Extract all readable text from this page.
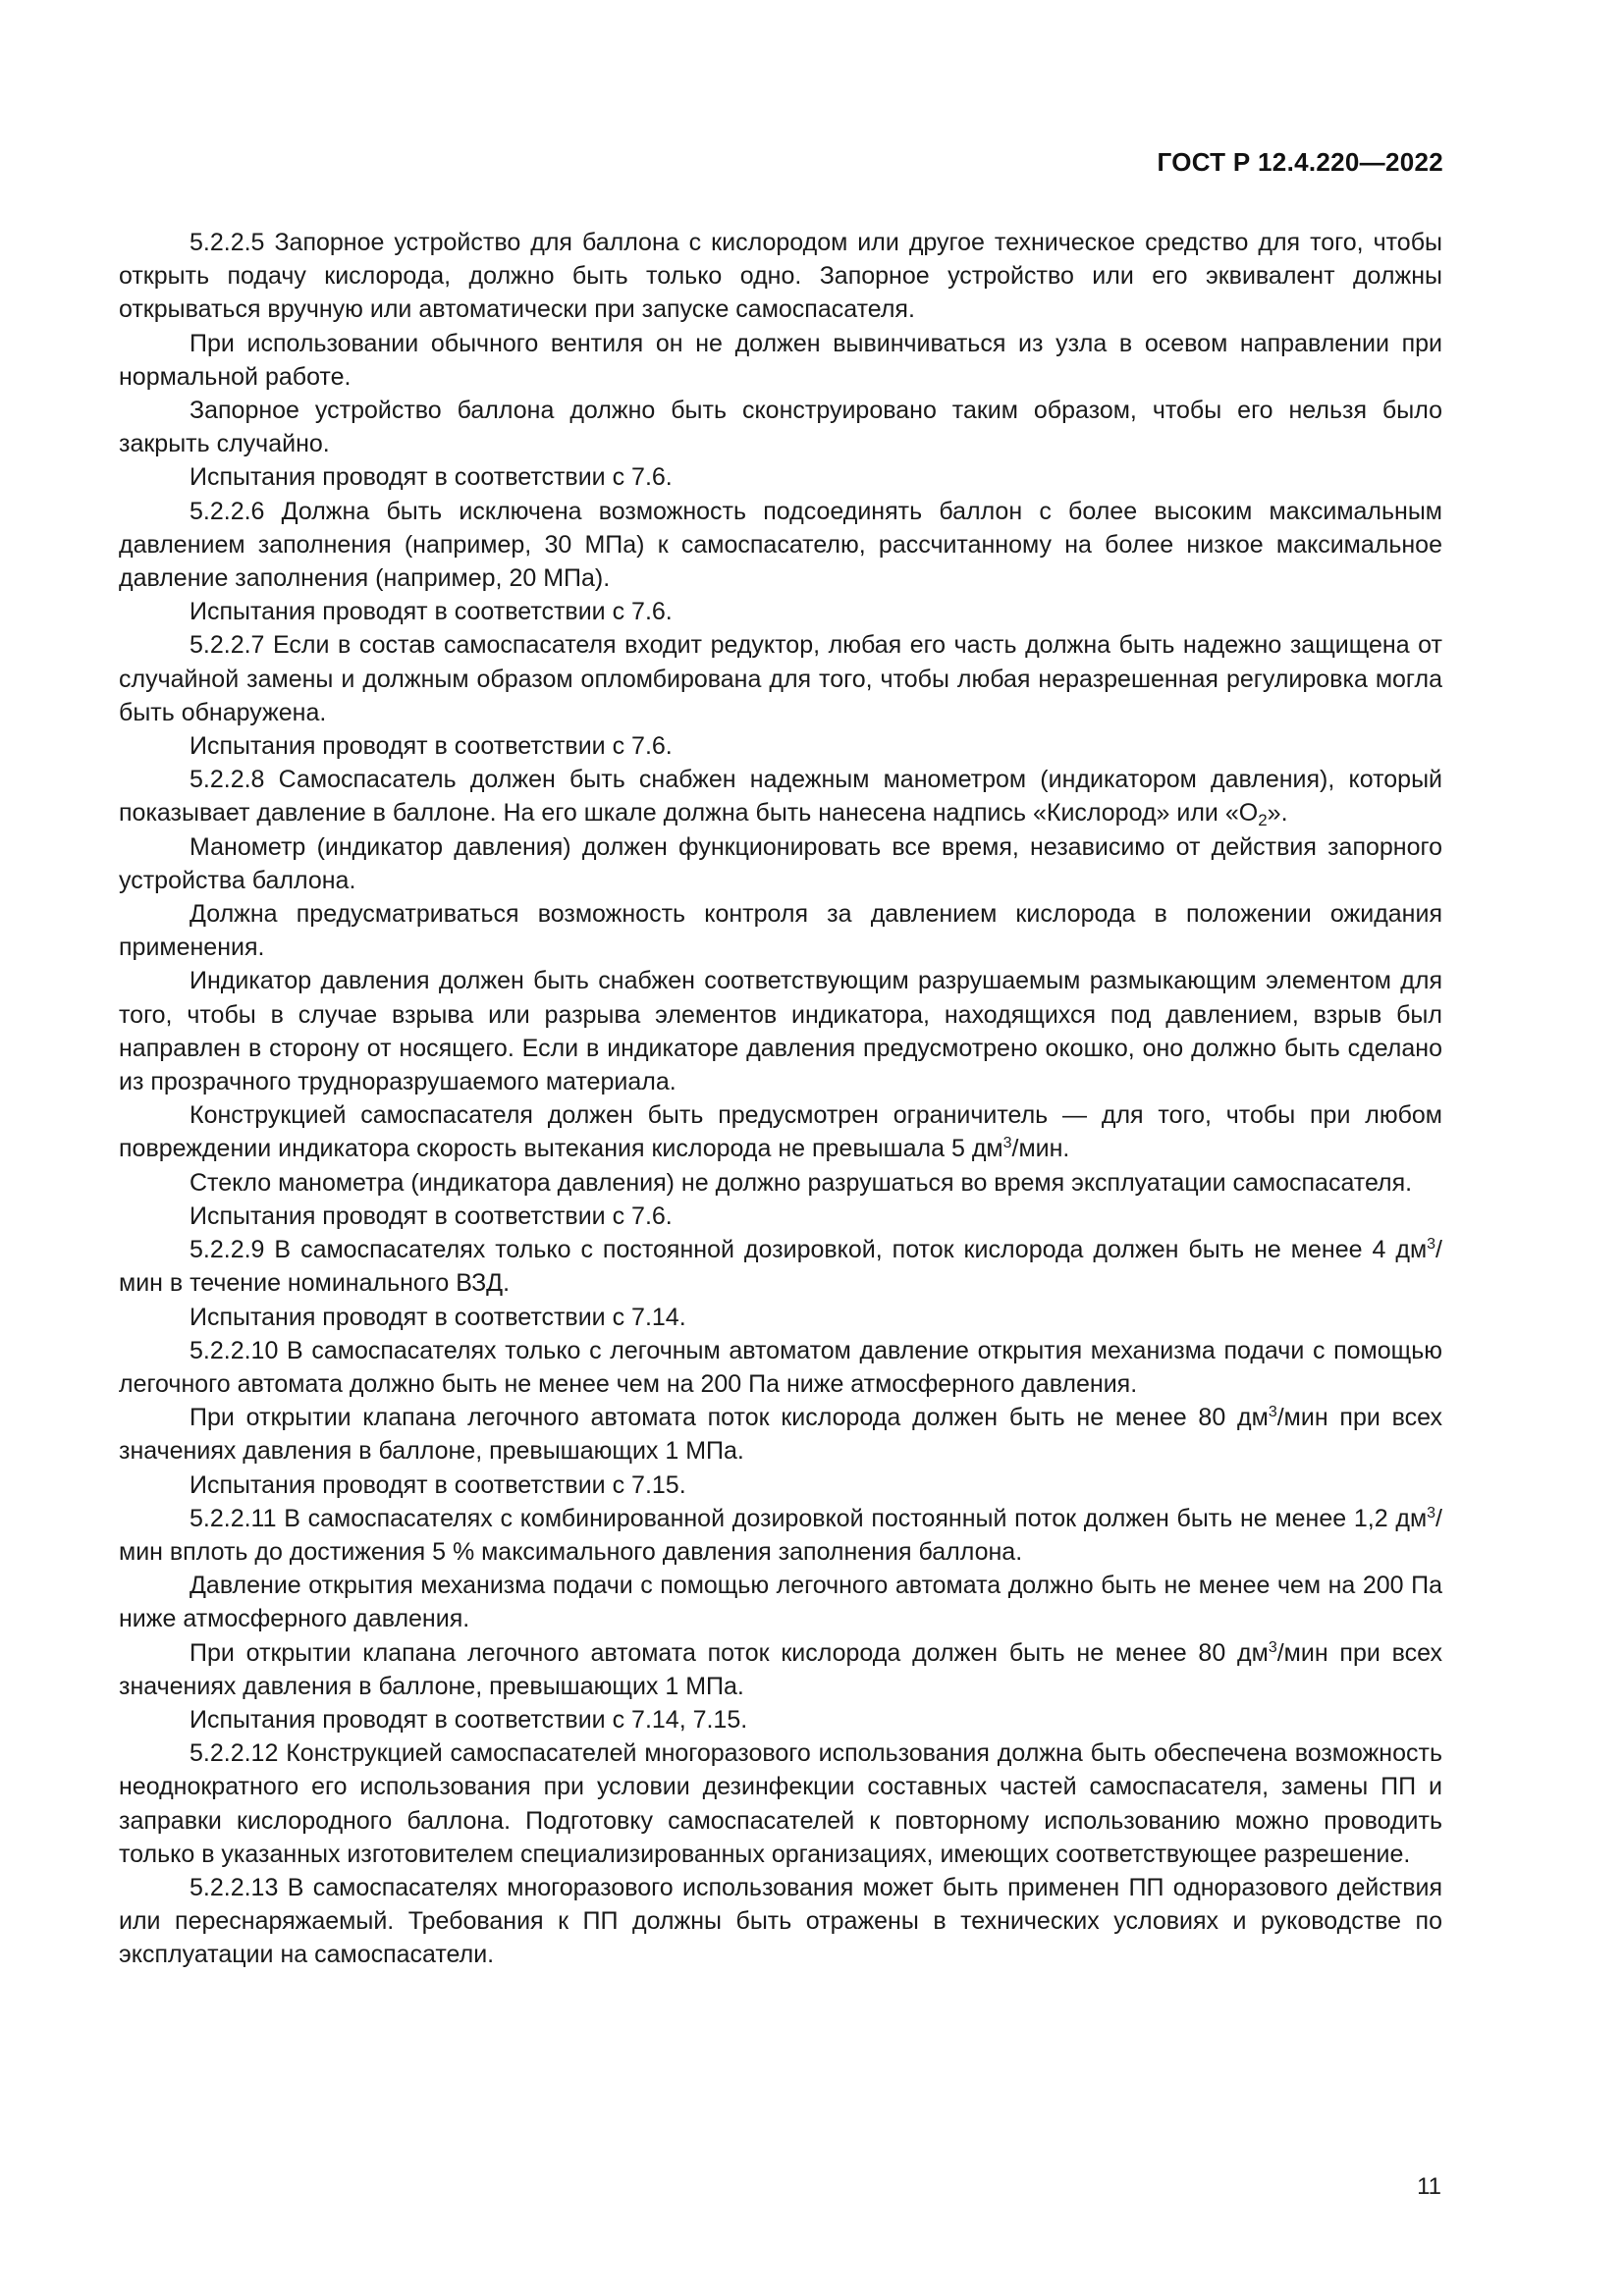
ГОСТ Р 12.4.220—2022

5.2.2.5 Запорное устройство для баллона с кислородом или другое техническое средство для того, чтобы открыть подачу кислорода, должно быть только одно. Запорное устройство или его эквивалент должны открываться вручную или автоматически при запуске самоспасателя.

При использовании обычного вентиля он не должен вывинчиваться из узла в осевом направлении при нормальной работе.

Запорное устройство баллона должно быть сконструировано таким образом, чтобы его нельзя было закрыть случайно.

Испытания проводят в соответствии с 7.6.

5.2.2.6 Должна быть исключена возможность подсоединять баллон с более высоким максимальным давлением заполнения (например, 30 МПа) к самоспасателю, рассчитанному на более низкое максимальное давление заполнения (например, 20 МПа).

Испытания проводят в соответствии с 7.6.

5.2.2.7 Если в состав самоспасателя входит редуктор, любая его часть должна быть надежно защищена от случайной замены и должным образом опломбирована для того, чтобы любая неразрешенная регулировка могла быть обнаружена.

Испытания проводят в соответствии с 7.6.

5.2.2.8 Самоспасатель должен быть снабжен надежным манометром (индикатором давления), который показывает давление в баллоне. На его шкале должна быть нанесена надпись «Кислород» или «$О_2$».

Манометр (индикатор давления) должен функционировать все время, независимо от действия запорного устройства баллона.

Должна предусматриваться возможность контроля за давлением кислорода в положении ожидания применения.

Индикатор давления должен быть снабжен соответствующим разрушаемым размыкающим элементом для того, чтобы в случае взрыва или разрыва элементов индикатора, находящихся под давлением, взрыв был направлен в сторону от носящего. Если в индикаторе давления предусмотрено окошко, оно должно быть сделано из прозрачного трудноразрушаемого материала.

Конструкцией самоспасателя должен быть предусмотрен ограничитель — для того, чтобы при любом повреждении индикатора скорость вытекания кислорода не превышала 5 $дм^3$/мин.

Стекло манометра (индикатора давления) не должно разрушаться во время эксплуатации самоспасателя.

Испытания проводят в соответствии с 7.6.

5.2.2.9 В самоспасателях только с постоянной дозировкой, поток кислорода должен быть не менее 4 $дм^3$/мин в течение номинального ВЗД.

Испытания проводят в соответствии с 7.14.

5.2.2.10 В самоспасателях только с легочным автоматом давление открытия механизма подачи с помощью легочного автомата должно быть не менее чем на 200 Па ниже атмосферного давления.

При открытии клапана легочного автомата поток кислорода должен быть не менее 80 $дм^3$/мин при всех значениях давления в баллоне, превышающих 1 МПа.

Испытания проводят в соответствии с 7.15.

5.2.2.11 В самоспасателях с комбинированной дозировкой постоянный поток должен быть не менее 1,2 $дм^3$/мин вплоть до достижения 5 % максимального давления заполнения баллона.

Давление открытия механизма подачи с помощью легочного автомата должно быть не менее чем на 200 Па ниже атмосферного давления.

При открытии клапана легочного автомата поток кислорода должен быть не менее 80 $дм^3$/мин при всех значениях давления в баллоне, превышающих 1 МПа.

Испытания проводят в соответствии с 7.14, 7.15.

5.2.2.12 Конструкцией самоспасателей многоразового использования должна быть обеспечена возможность неоднократного его использования при условии дезинфекции составных частей самоспасателя, замены ПП и заправки кислородного баллона. Подготовку самоспасателей к повторному использованию можно проводить только в указанных изготовителем специализированных организациях, имеющих соответствующее разрешение.

5.2.2.13 В самоспасателях многоразового использования может быть применен ПП одноразового действия или переснаряжаемый. Требования к ПП должны быть отражены в технических условиях и руководстве по эксплуатации на самоспасатели.

11
